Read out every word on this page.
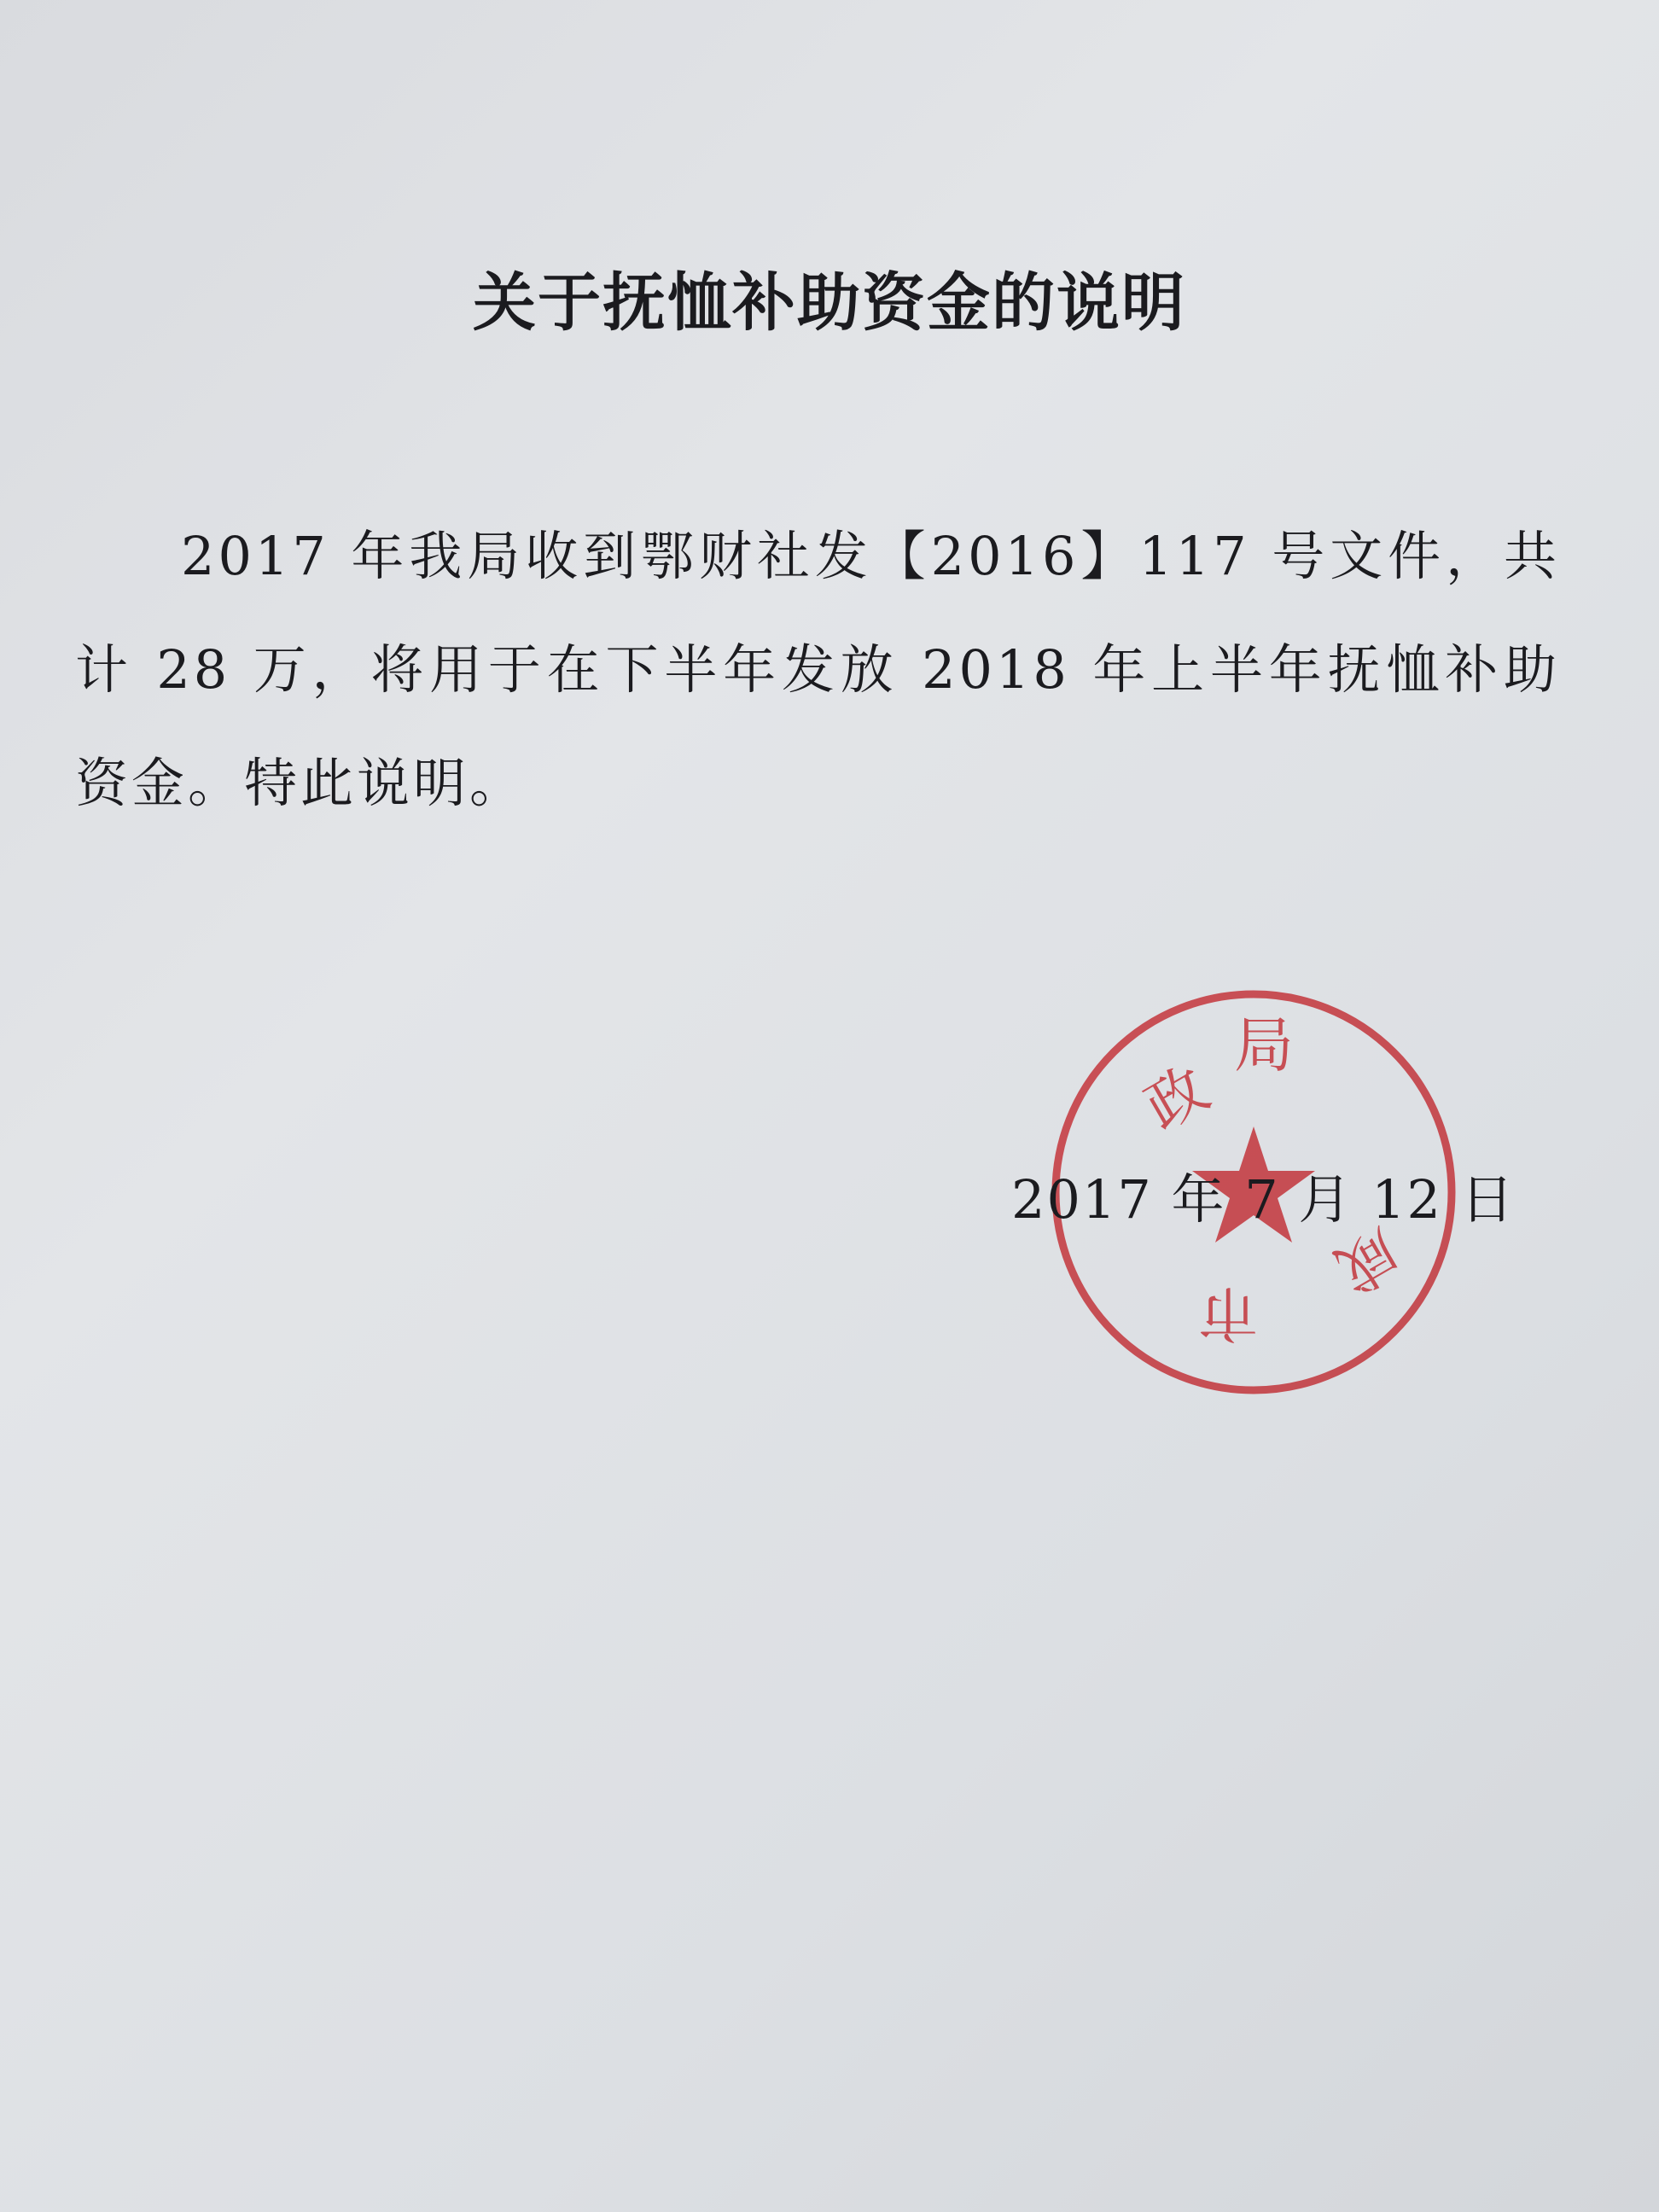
关于抚恤补助资金的说明

2017 年我局收到鄂财社发【2016】117 号文件，共计 28 万，将用于在下半年发放 2018 年上半年抚恤补助资金。特此说明。

政
局
市
咸

2017 年 7 月 12 日
